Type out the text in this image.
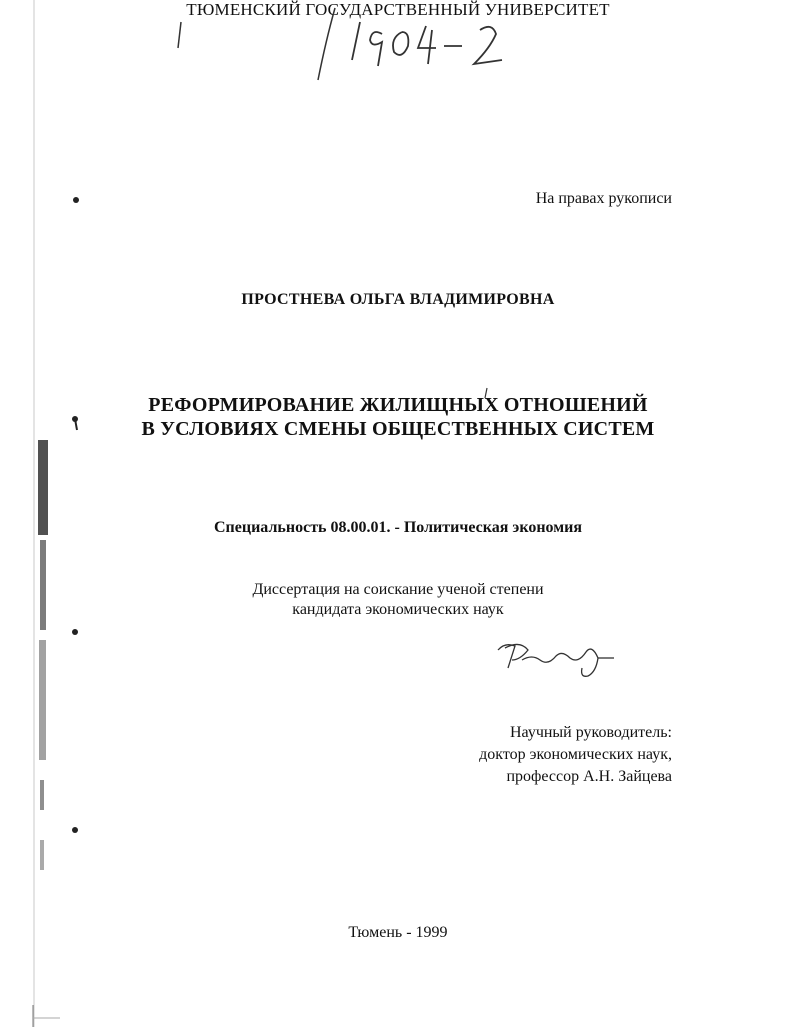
ТЮМЕНСКИЙ ГОСУДАРСТВЕННЫЙ УНИВЕРСИТЕТ
На правах рукописи
ПРОСТНЕВА ОЛЬГА ВЛАДИМИРОВНА
РЕФОРМИРОВАНИЕ ЖИЛИЩНЫХ ОТНОШЕНИЙ
В УСЛОВИЯХ СМЕНЫ ОБЩЕСТВЕННЫХ СИСТЕМ
Специальность 08.00.01. - Политическая экономия
Диссертация на соискание ученой степени
кандидата экономических наук
Научный руководитель:
доктор экономических наук,
профессор А.Н. Зайцева
Тюмень - 1999
